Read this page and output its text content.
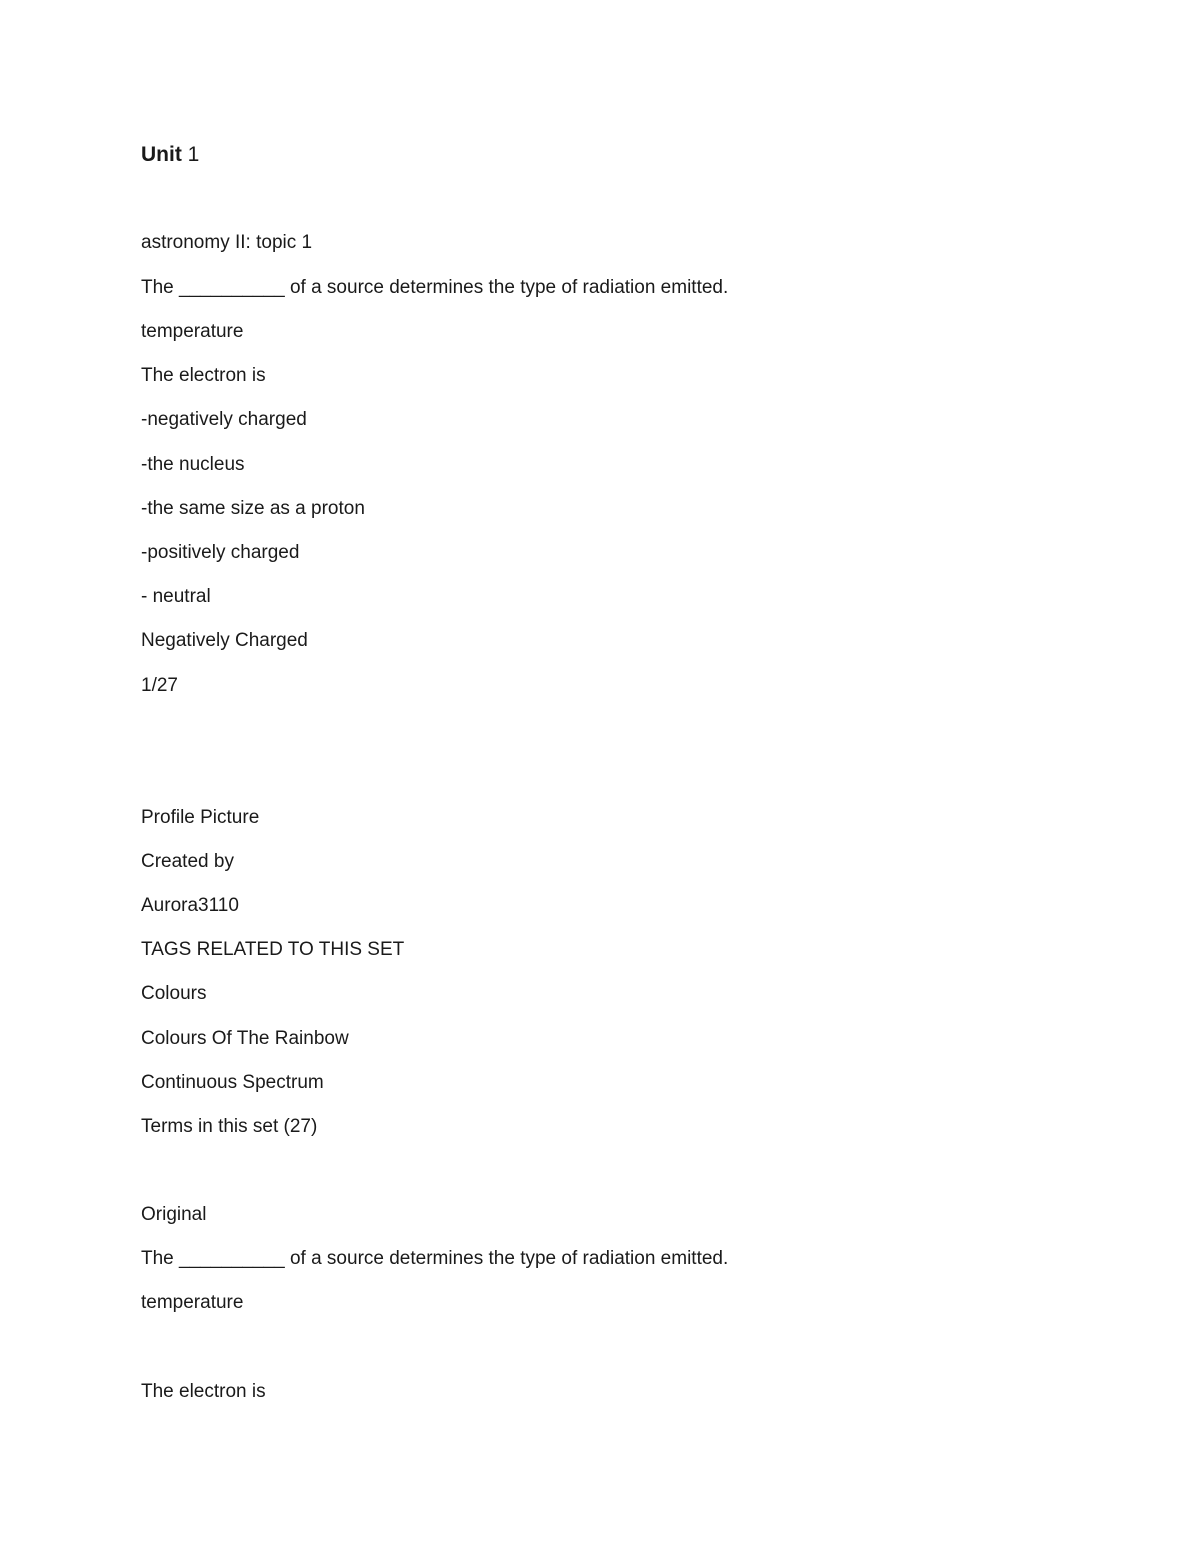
Unit 1
astronomy II: topic 1
The __________ of a source determines the type of radiation emitted.
temperature
The electron is
-negatively charged
-the nucleus
-the same size as a proton
-positively charged
- neutral
Negatively Charged
1/27
Profile Picture
Created by
Aurora3110
TAGS RELATED TO THIS SET
Colours
Colours Of The Rainbow
Continuous Spectrum
Terms in this set (27)
Original
The __________ of a source determines the type of radiation emitted.
temperature
The electron is
